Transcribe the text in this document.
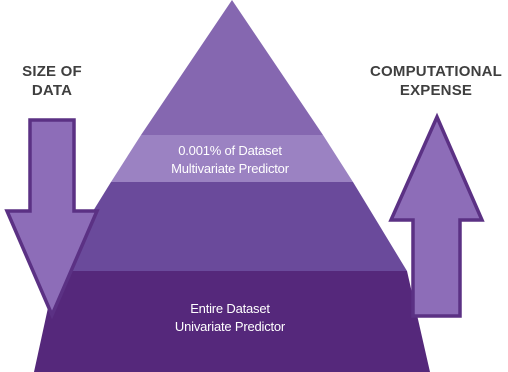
SIZE OF
DATA
COMPUTATIONAL
EXPENSE
0.001% of Dataset
Multivariate Predictor
Entire Dataset
Univariate Predictor
